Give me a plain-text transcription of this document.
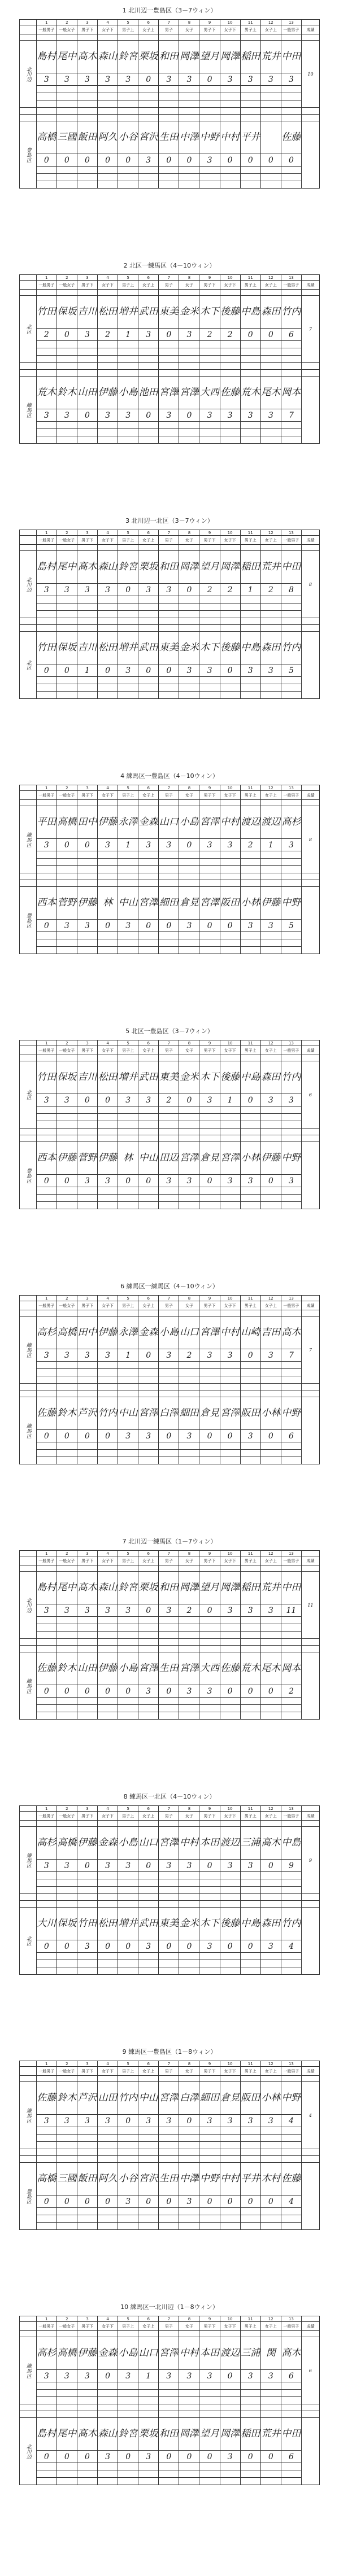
1 北川辺一豊島区（3－7ウィン）
	1	2	3	4	5	6	7	8	9	10	11	12	13	
	一般男子	一般女子	男子下	女子下	男子上	女子上	男子	女子	男子下	女子下	男子上	女子上	一般男子	成績

北川辺	島村	尾中	高木	森山	鈴宮	栗坂	和田	岡澤	望月	岡澤	稲田	荒井	中田	10
	3	3	3	3	3	0	3	3	0	3	3	3	3	

豊島区	高橋	三國	飯田	阿久	小谷	宮沢	生田	中澤	中野	中村	平井		佐藤	
	0	0	0	0	0	3	0	0	3	0	0	0	0	

2 北区一練馬区（4－10ウィン）
	1	2	3	4	5	6	7	8	9	10	11	12	13	
	一般男子	一般女子	男子下	女子下	男子上	女子上	男子	女子	男子下	女子下	男子上	女子上	一般男子	成績

北区	竹田	保坂	吉川	松田	増井	武田	東美	金米	木下	後藤	中島	森田	竹内	7
	2	0	3	2	1	3	0	3	2	2	0	0	6	

練馬区	荒木	鈴木	山田	伊藤	小島	池田	宮澤	宮澤	大西	佐藤	荒木	尾木	岡本	
	3	3	0	3	3	0	3	0	3	3	3	3	7	

3 北川辺一北区（3－7ウィン）
	1	2	3	4	5	6	7	8	9	10	11	12	13	
	一般男子	一般女子	男子下	女子下	男子上	女子上	男子	女子	男子下	女子下	男子上	女子上	一般男子	成績

北川辺	島村	尾中	高木	森山	鈴宮	栗坂	和田	岡澤	望月	岡澤	稲田	荒井	中田	8
	3	3	3	3	0	3	3	0	2	2	1	2	8	

北区	竹田	保坂	吉川	松田	増井	武田	東美	金米	木下	後藤	中島	森田	竹内	
	0	0	1	0	3	0	0	3	3	0	3	3	5	

4 練馬区一豊島区（4－10ウィン）
	1	2	3	4	5	6	7	8	9	10	11	12	13	
	一般男子	一般女子	男子下	女子下	男子上	女子上	男子	女子	男子下	女子下	男子上	女子上	一般男子	成績

練馬区	平田	高橋	田中	伊藤	永澤	金森	山口	小島	宮澤	中村	渡辺	渡辺	高杉	8
	3	0	0	3	1	3	3	0	3	3	2	1	3	

豊島区	西本	菅野	伊藤	林	中山	宮澤	細田	倉見	宮澤	阪田	小林	伊藤	中野	
	0	3	3	0	3	0	0	3	0	0	3	3	5	

5 北区一豊島区（3－7ウィン）
	1	2	3	4	5	6	7	8	9	10	11	12	13	
	一般男子	一般女子	男子下	女子下	男子上	女子上	男子	女子	男子下	女子下	男子上	女子上	一般男子	成績

北区	竹田	保坂	吉川	松田	増井	武田	東美	金米	木下	後藤	中島	森田	竹内	6
	3	3	0	0	3	3	2	0	3	1	0	3	3	

豊島区	西本	伊藤	菅野	伊藤	林	中山	田辺	宮澤	倉見	宮澤	小林	伊藤	中野	
	0	0	3	3	0	0	3	3	0	3	3	0	3	

6 練馬区一練馬区（4－10ウィン）
	1	2	3	4	5	6	7	8	9	10	11	12	13	
	一般男子	一般女子	男子下	女子下	男子上	女子上	男子	女子	男子下	女子下	男子上	女子上	一般男子	成績

練馬区	高杉	高橋	田中	伊藤	永澤	金森	小島	山口	宮澤	中村	山崎	吉田	高木	7
	3	3	3	3	1	0	3	2	3	3	0	3	7	

練馬区	佐藤	鈴木	芦沢	竹内	中山	宮澤	白澤	細田	倉見	宮澤	阪田	小林	中野	
	0	0	0	0	3	3	0	3	0	0	3	0	6	

7 北川辺一練馬区（1－7ウィン）
	1	2	3	4	5	6	7	8	9	10	11	12	13	
	一般男子	一般女子	男子下	女子下	男子上	女子上	男子	女子	男子下	女子下	男子上	女子上	一般男子	成績

北川辺	島村	尾中	高木	森山	鈴宮	栗坂	和田	岡澤	望月	岡澤	稲田	荒井	中田	11
	3	3	3	3	3	0	3	2	0	3	3	3	11	

練馬区	佐藤	鈴木	山田	伊藤	小島	宮澤	生田	宮澤	大西	佐藤	荒木	尾木	岡本	
	0	0	0	0	0	3	0	3	3	0	0	0	2	

8 練馬区一北区（4－10ウィン）
	1	2	3	4	5	6	7	8	9	10	11	12	13	
	一般男子	一般女子	男子下	女子下	男子上	女子上	男子	女子	男子下	女子下	男子上	女子上	一般男子	成績

練馬区	高杉	高橋	伊藤	金森	小島	山口	宮澤	中村	本田	渡辺	三浦	高木	中島	9
	3	3	0	3	3	0	3	3	0	3	3	0	9	

北区	大川	保坂	竹田	松田	増井	武田	東美	金米	木下	後藤	中島	森田	竹内	
	0	0	3	0	0	3	0	0	3	0	0	3	4	

9 練馬区一豊島区（1－8ウィン）
	1	2	3	4	5	6	7	8	9	10	11	12	13	
	一般男子	一般女子	男子下	女子下	男子上	女子上	男子	女子	男子下	女子下	男子上	女子上	一般男子	成績

練馬区	佐藤	鈴木	芦沢	山田	竹内	中山	宮澤	白澤	細田	倉見	阪田	小林	中野	4
	3	3	3	3	0	3	3	0	3	3	3	3	4	

豊島区	高橋	三國	飯田	阿久	小谷	宮沢	生田	中澤	中野	中村	平井	木村	佐藤	
	0	0	0	0	3	0	0	3	0	0	0	0	4	

10 練馬区一北川辺（1－8ウィン）
	1	2	3	4	5	6	7	8	9	10	11	12	13	
	一般男子	一般女子	男子下	女子下	男子上	女子上	男子	女子	男子下	女子下	男子上	女子上	一般男子	成績

練馬区	高杉	高橋	伊藤	金森	小島	山口	宮澤	中村	本田	渡辺	三浦	関	高木	6
	3	3	3	0	3	1	3	3	3	0	3	3	6	

北川辺	島村	尾中	高木	森山	鈴宮	栗坂	和田	岡澤	望月	岡澤	稲田	荒井	中田	
	0	0	0	3	0	3	0	0	0	3	0	0	6	
